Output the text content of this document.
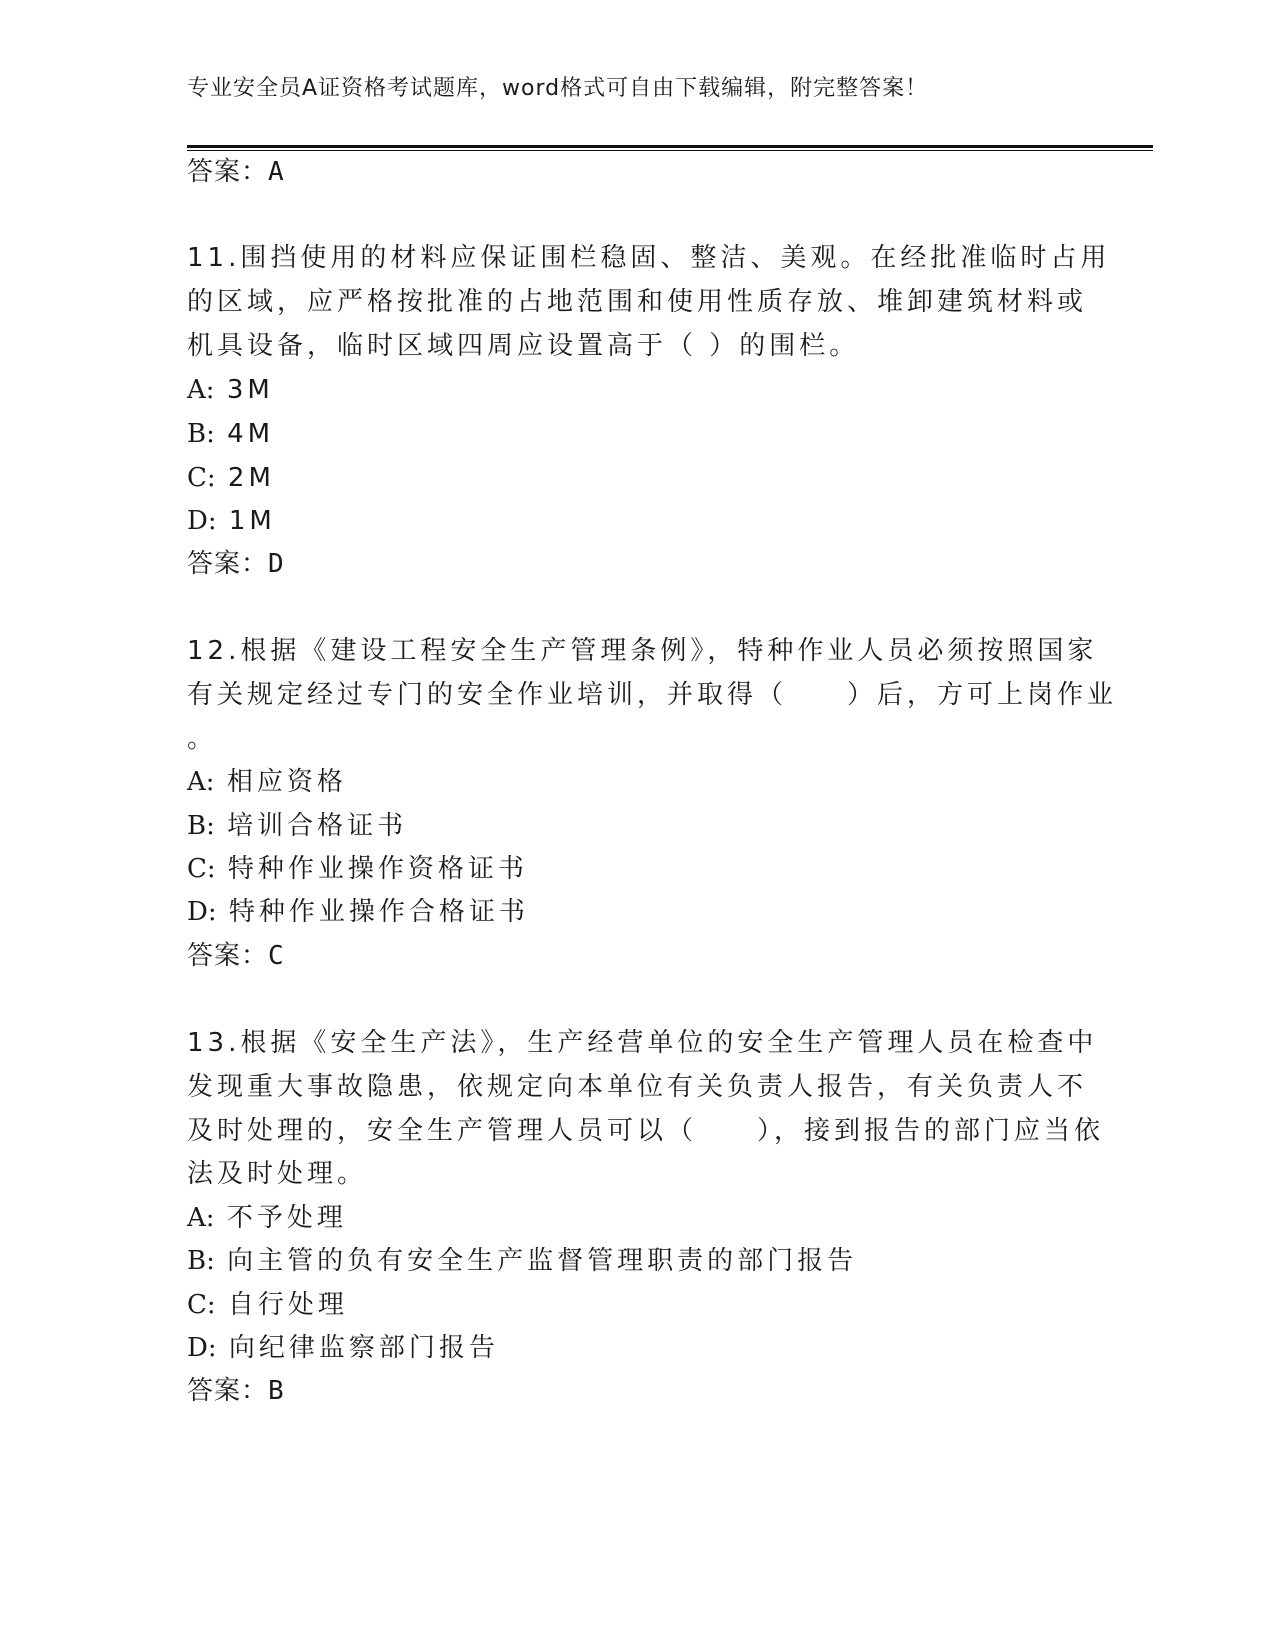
专业安全员A证资格考试题库，word格式可自由下载编辑，附完整答案！
答案：A
11.围挡使用的材料应保证围栏稳固、整洁、美观。在经批准临时占用
的区域，应严格按批准的占地范围和使用性质存放、堆卸建筑材料或
机具设备，临时区域四周应设置高于（ ）的围栏。
A: 3M
B: 4M
C: 2M
D: 1M
答案：D
12.根据《建设工程安全生产管理条例》，特种作业人员必须按照国家
有关规定经过专门的安全作业培训，并取得（　　）后，方可上岗作业
。
A: 相应资格
B: 培训合格证书
C: 特种作业操作资格证书
D: 特种作业操作合格证书
答案：C
13.根据《安全生产法》，生产经营单位的安全生产管理人员在检查中
发现重大事故隐患，依规定向本单位有关负责人报告，有关负责人不
及时处理的，安全生产管理人员可以（　　），接到报告的部门应当依
法及时处理。
A: 不予处理
B: 向主管的负有安全生产监督管理职责的部门报告
C: 自行处理
D: 向纪律监察部门报告
答案：B
